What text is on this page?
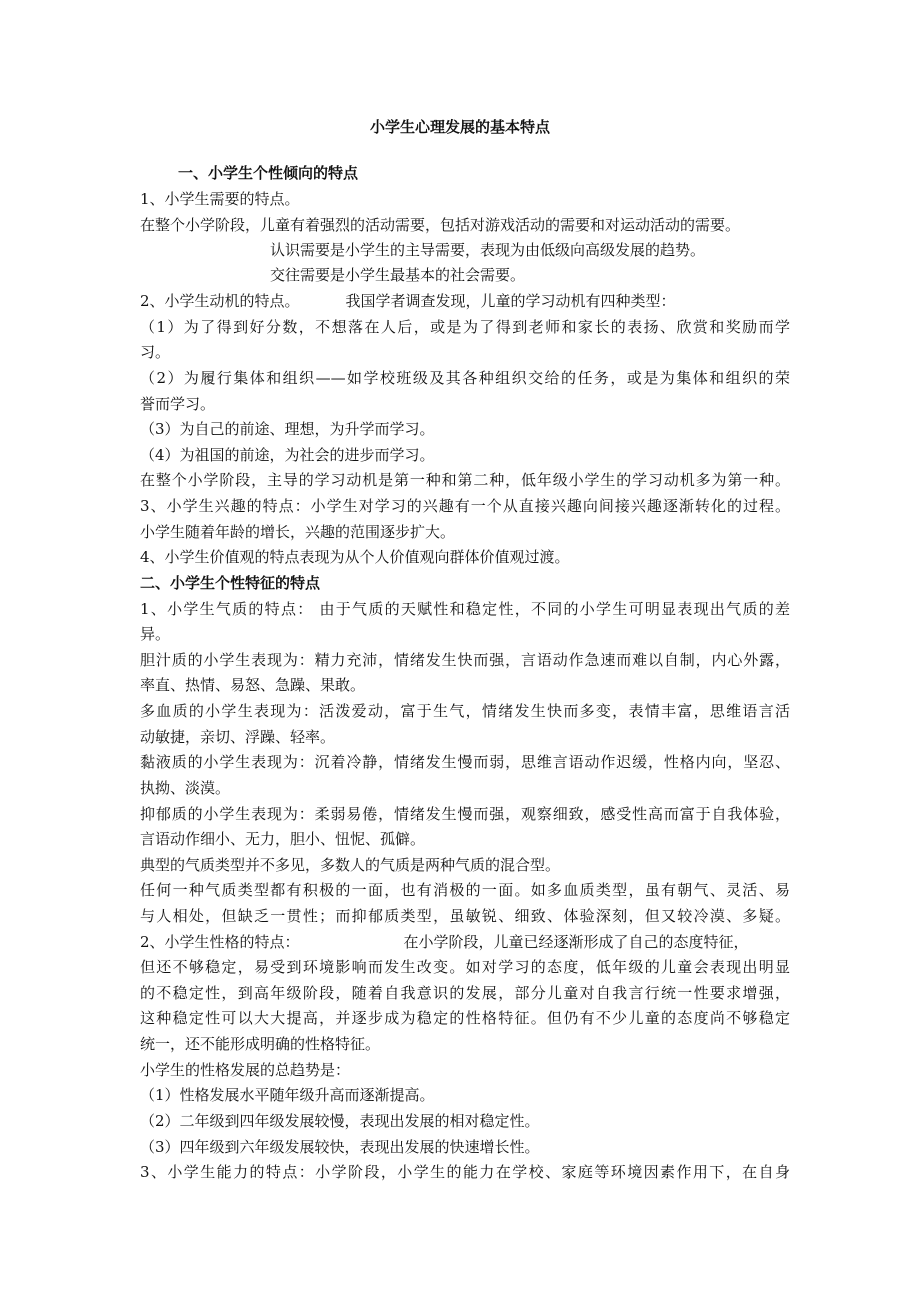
小学生心理发展的基本特点
一、小学生个性倾向的特点
1、小学生需要的特点。
在整个小学阶段，儿童有着强烈的活动需要，包括对游戏活动的需要和对运动活动的需要。
认识需要是小学生的主导需要，表现为由低级向高级发展的趋势。
交往需要是小学生最基本的社会需要。
2、小学生动机的特点。	我国学者调查发现，儿童的学习动机有四种类型：
（1）为了得到好分数，不想落在人后，或是为了得到老师和家长的表扬、欣赏和奖励而学
习。
（2）为履行集体和组织——如学校班级及其各种组织交给的任务，或是为集体和组织的荣
誉而学习。
（3）为自己的前途、理想，为升学而学习。
（4）为祖国的前途，为社会的进步而学习。
在整个小学阶段，主导的学习动机是第一种和第二种，低年级小学生的学习动机多为第一种。
3、小学生兴趣的特点：小学生对学习的兴趣有一个从直接兴趣向间接兴趣逐渐转化的过程。
小学生随着年龄的增长，兴趣的范围逐步扩大。
4、小学生价值观的特点表现为从个人价值观向群体价值观过渡。
二、小学生个性特征的特点
1、小学生气质的特点： 由于气质的天赋性和稳定性，不同的小学生可明显表现出气质的差
异。
胆汁质的小学生表现为：精力充沛，情绪发生快而强，言语动作急速而难以自制，内心外露，
率直、热情、易怒、急躁、果敢。
多血质的小学生表现为：活泼爱动，富于生气，情绪发生快而多变，表情丰富，思维语言活
动敏捷，亲切、浮躁、轻率。
黏液质的小学生表现为：沉着冷静，情绪发生慢而弱，思维言语动作迟缓，性格内向，坚忍、
执拗、淡漠。
抑郁质的小学生表现为：柔弱易倦，情绪发生慢而强，观察细致，感受性高而富于自我体验，
言语动作细小、无力，胆小、忸怩、孤僻。
典型的气质类型并不多见，多数人的气质是两种气质的混合型。
任何一种气质类型都有积极的一面，也有消极的一面。如多血质类型，虽有朝气、灵活、易
与人相处，但缺乏一贯性；而抑郁质类型，虽敏锐、细致、体验深刻，但又较冷漠、多疑。
2、小学生性格的特点：	在小学阶段，儿童已经逐渐形成了自己的态度特征，
但还不够稳定，易受到环境影响而发生改变。如对学习的态度，低年级的儿童会表现出明显
的不稳定性，到高年级阶段，随着自我意识的发展，部分儿童对自我言行统一性要求增强，
这种稳定性可以大大提高，并逐步成为稳定的性格特征。但仍有不少儿童的态度尚不够稳定
统一，还不能形成明确的性格特征。
小学生的性格发展的总趋势是：
（1）性格发展水平随年级升高而逐渐提高。
（2）二年级到四年级发展较慢，表现出发展的相对稳定性。
（3）四年级到六年级发展较快，表现出发展的快速增长性。
3、小学生能力的特点：小学阶段，小学生的能力在学校、家庭等环境因素作用下，在自身
